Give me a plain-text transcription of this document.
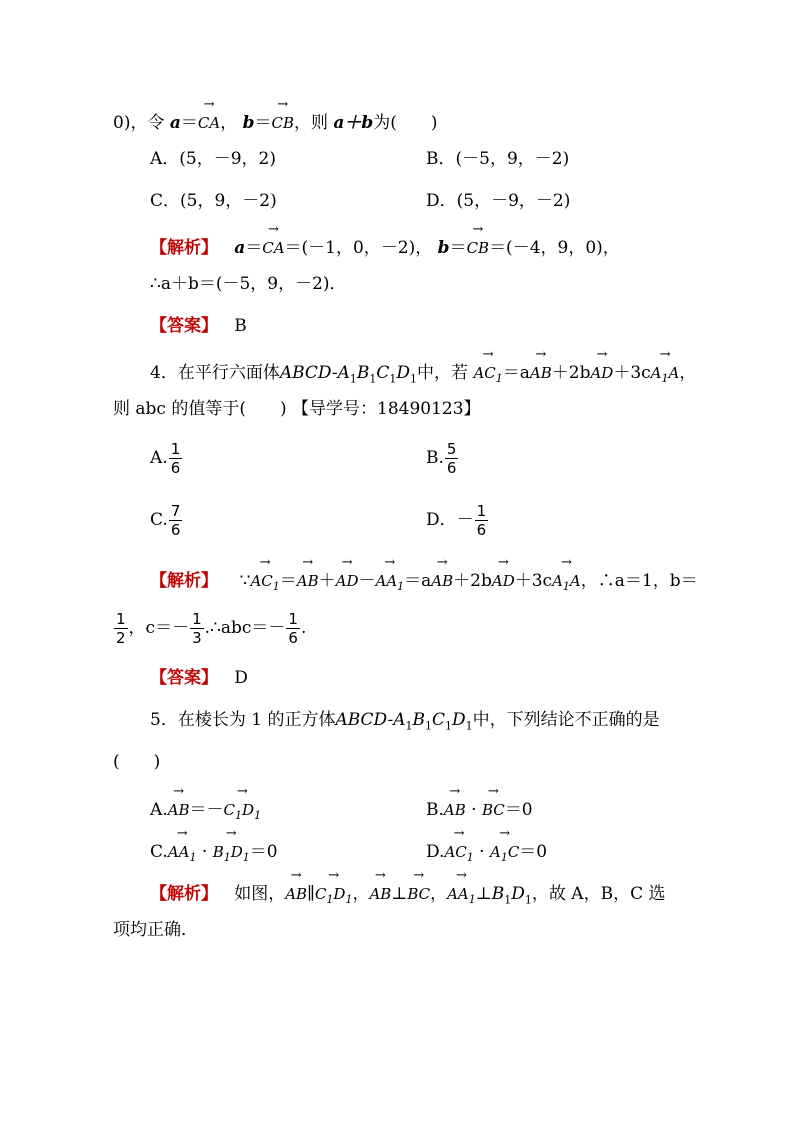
0)，令 a＝→ CA， b＝→ CB，则 a＋b为(　　)
A．(5，－9，2)	B．(－5，9，－2)
C．(5，9，－2)	D．(5，－9，－2)
【解析】 a＝→ CA＝(－1，0，－2)， b＝→ CB＝(－4，9，0)，
∴a＋b＝(－5，9，－2)．
【答案】 B
4．在平行六面体ABCD-$A_1B_1C_1D_1$中，若 → $AC_1=a\to AB+2b\to AD+3c\to A_1A$，
则 abc 的值等于(　　) 【导学号：18490123】
A. $\frac{1}{6}$	B. $\frac{5}{6}$
C. $\frac{7}{6}$	D．－ $\frac{1}{6}$
【解析】 ∵→ $AC_1=\to AB+\to AD-\to AA_1=a\to AB+2b\to AD+3c\to A_1A$，∴a＝1，b＝
$\frac{1}{2}$ ，$c=- \frac{1}{3}$ .∴abc＝－ $\frac{1}{6}$ .
【答案】 D
5．在棱长为 1 的正方体ABCD-$A_1B_1C_1D_1$中，下列结论不正确的是
(　　)
$A.\to AB=-\to C_1D_1$	B.→ AB · → BC＝0
$C.\to AA_1$ · → $B_1D_1=0$	$D.\to AC_1$ · → $A_1C=0$
【解析】 如图，→ AB∥→ $C_1D_1$，→ AB⊥→ BC，→ $AA_1\perp B_1D_1$，故 A，B，C 选
项均正确．
